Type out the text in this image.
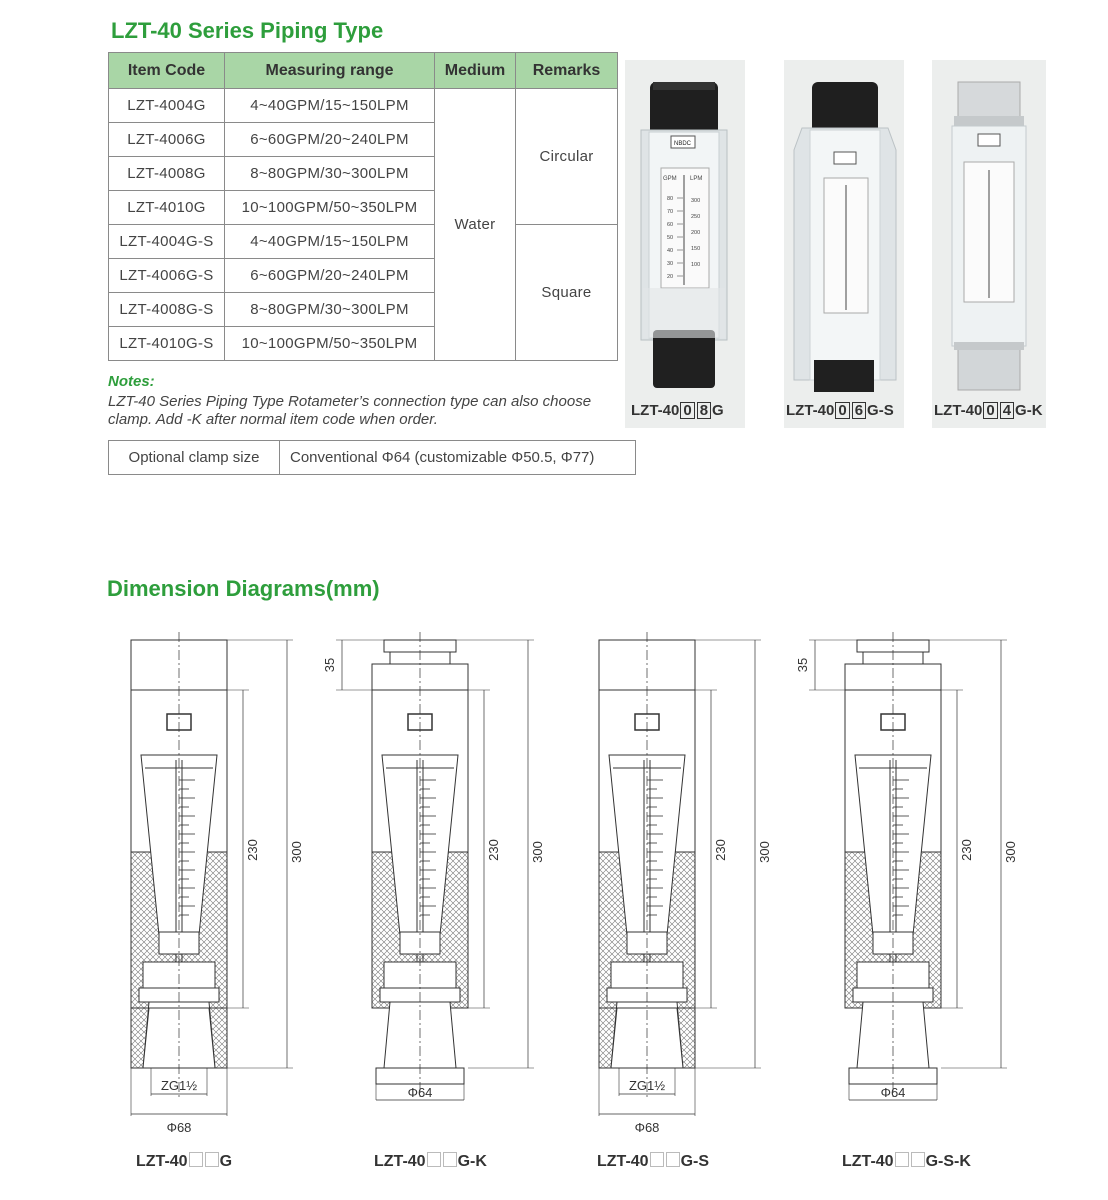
LZT-40 Series Piping Type
Item Code	Measuring range	Medium	Remarks
LZT-4004G	4~40GPM/15~150LPM	Water	Circular
LZT-4006G	6~60GPM/20~240LPM		
LZT-4008G	8~80GPM/30~300LPM		
LZT-4010G	10~100GPM/50~350LPM		
LZT-4004G-S	4~40GPM/15~150LPM		Square
LZT-4006G-S	6~60GPM/20~240LPM		
LZT-4008G-S	8~80GPM/30~300LPM		
LZT-4010G-S	10~100GPM/50~350LPM		
Notes:
LZT-40 Series Piping Type Rotameter’s connection type can also choose clamp. Add -K after normal item code when order.
Optional clamp size	Conventional Φ64 (customizable Φ50.5, Φ77)
NBDC
GPM LPM
80
70
60
50
40
30
20
300
250
200
150
100
LZT-40 0 8 G	LZT-40 0 6 G-S	LZT-40 0 4 G-K
Dimension Diagrams(mm)
230 300
ZG1½
Φ68
230 300
35
Φ64
230 300
ZG1½
Φ68
230 300
35
Φ64
LZT-40 G	LZT-40 G-K	LZT-40 G-S	LZT-40 G-S-K
